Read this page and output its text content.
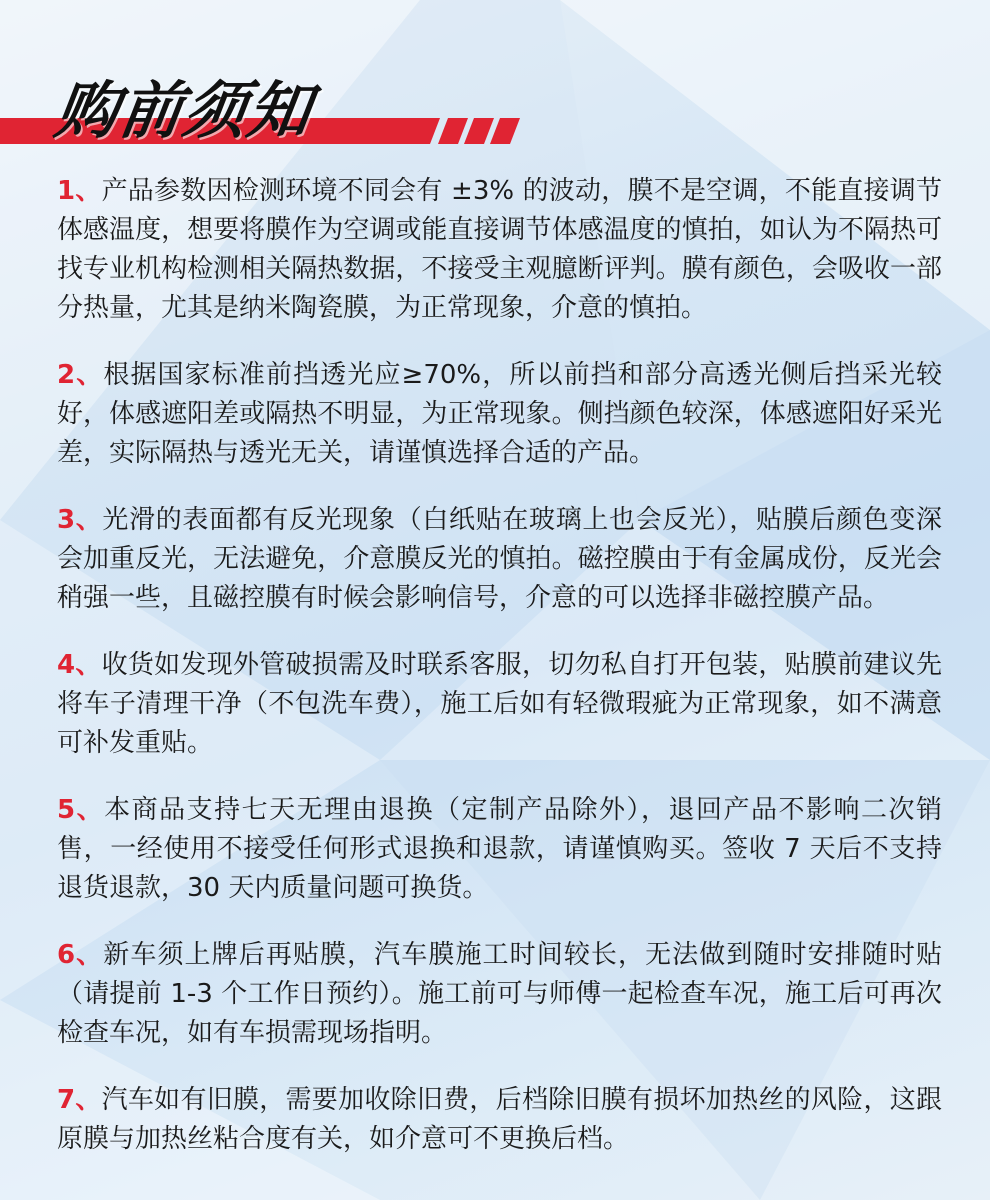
购前须知

1、产品参数因检测环境不同会有 ±3% 的波动，膜不是空调，不能直接调节体感温度，想要将膜作为空调或能直接调节体感温度的慎拍，如认为不隔热可找专业机构检测相关隔热数据，不接受主观臆断评判。膜有颜色，会吸收一部分热量，尤其是纳米陶瓷膜，为正常现象，介意的慎拍。

2、根据国家标准前挡透光应≥70%，所以前挡和部分高透光侧后挡采光较好，体感遮阳差或隔热不明显，为正常现象。侧挡颜色较深，体感遮阳好采光差，实际隔热与透光无关，请谨慎选择合适的产品。

3、光滑的表面都有反光现象（白纸贴在玻璃上也会反光），贴膜后颜色变深会加重反光，无法避免，介意膜反光的慎拍。磁控膜由于有金属成份，反光会稍强一些，且磁控膜有时候会影响信号，介意的可以选择非磁控膜产品。

4、收货如发现外管破损需及时联系客服，切勿私自打开包装，贴膜前建议先将车子清理干净（不包洗车费），施工后如有轻微瑕疵为正常现象，如不满意可补发重贴。

5、本商品支持七天无理由退换（定制产品除外），退回产品不影响二次销售，一经使用不接受任何形式退换和退款，请谨慎购买。签收 7 天后不支持退货退款，30 天内质量问题可换货。

6、新车须上牌后再贴膜，汽车膜施工时间较长，无法做到随时安排随时贴（请提前 1-3 个工作日预约）。施工前可与师傅一起检查车况，施工后可再次检查车况，如有车损需现场指明。

7、汽车如有旧膜，需要加收除旧费，后档除旧膜有损坏加热丝的风险，这跟原膜与加热丝粘合度有关，如介意可不更换后档。
